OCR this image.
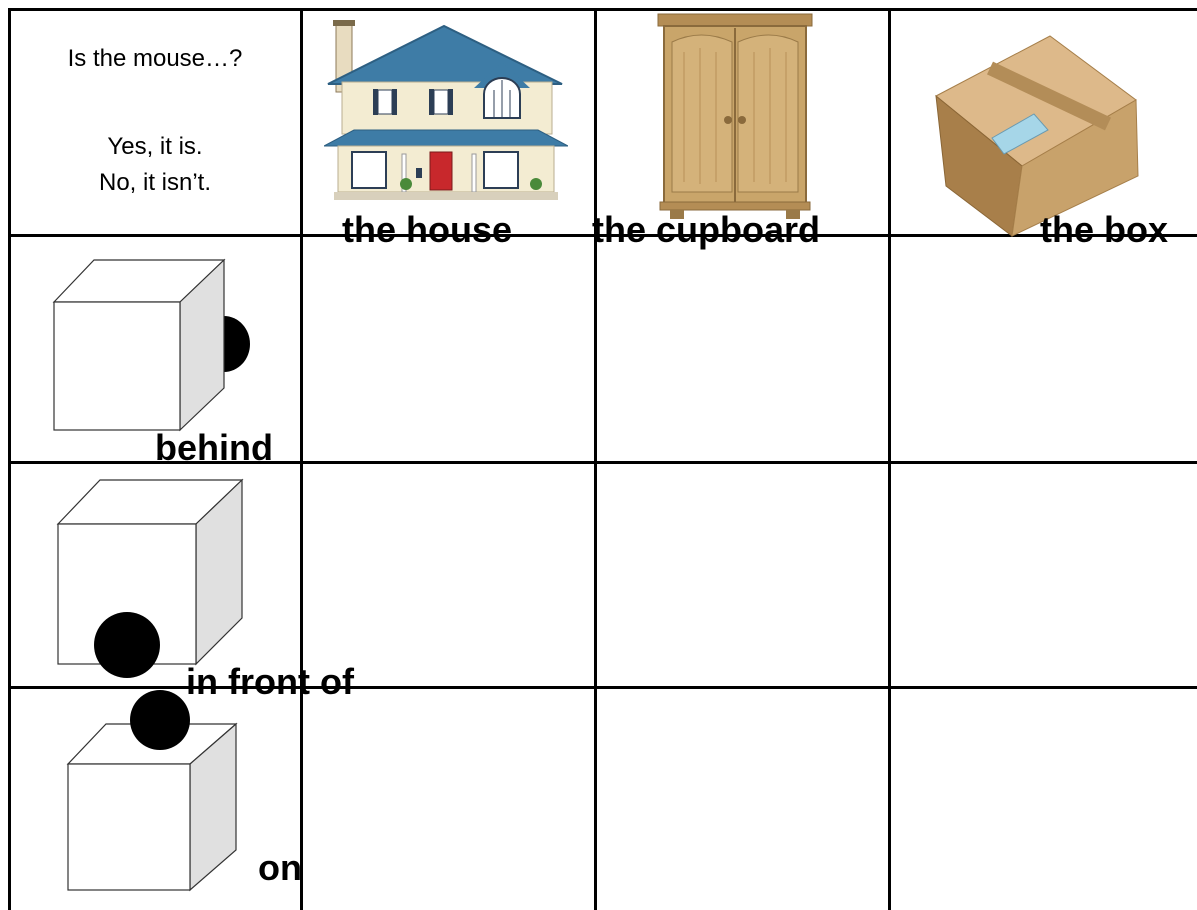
Is the mouse…?
Yes, it is.
No, it isn’t.
the house the cupboard	the box
behind
in front of
on
